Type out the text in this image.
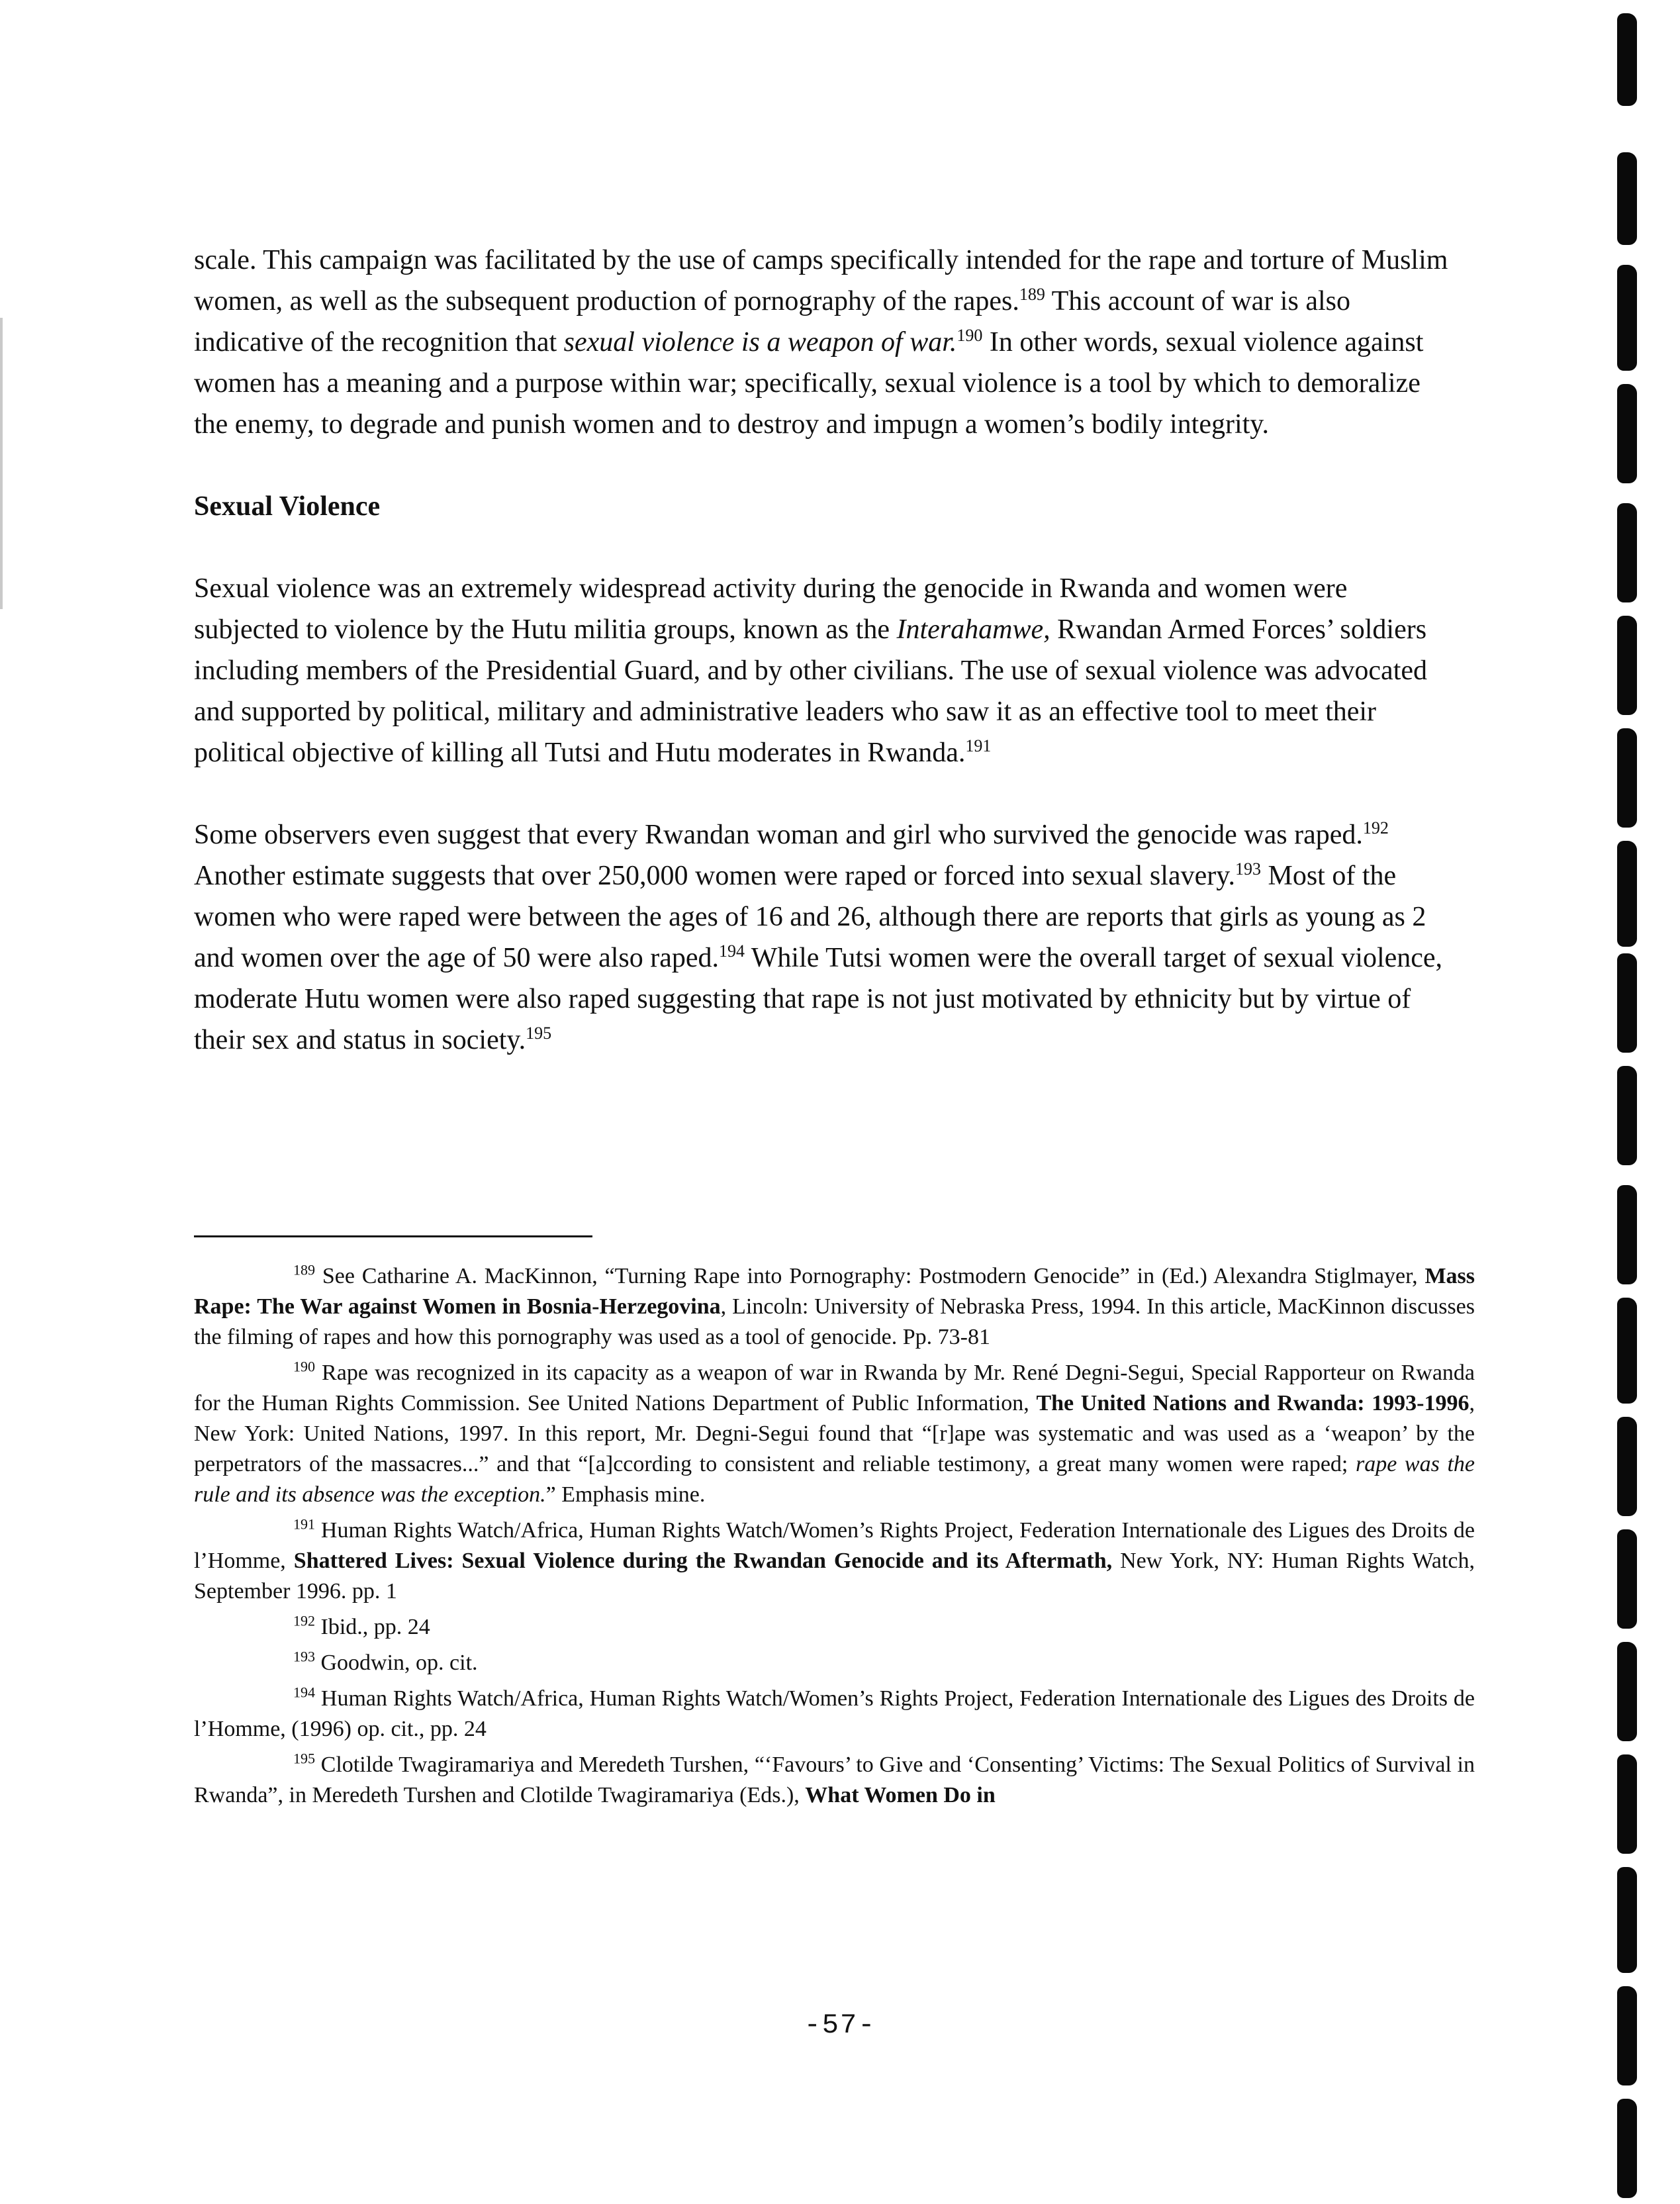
scale. This campaign was facilitated by the use of camps specifically intended for the rape and torture of Muslim women, as well as the subsequent production of pornography of the rapes.$^{189}$ This account of war is also indicative of the recognition that sexual violence is a weapon of war.$^{190}$ In other words, sexual violence against women has a meaning and a purpose within war; specifically, sexual violence is a tool by which to demoralize the enemy, to degrade and punish women and to destroy and impugn a women’s bodily integrity.

Sexual Violence

Sexual violence was an extremely widespread activity during the genocide in Rwanda and women were subjected to violence by the Hutu militia groups, known as the Interahamwe, Rwandan Armed Forces’ soldiers including members of the Presidential Guard, and by other civilians. The use of sexual violence was advocated and supported by political, military and administrative leaders who saw it as an effective tool to meet their political objective of killing all Tutsi and Hutu moderates in Rwanda.$^{191}$

Some observers even suggest that every Rwandan woman and girl who survived the genocide was raped.$^{192}$ Another estimate suggests that over 250,000 women were raped or forced into sexual slavery.$^{193}$ Most of the women who were raped were between the ages of 16 and 26, although there are reports that girls as young as 2 and women over the age of 50 were also raped.$^{194}$ While Tutsi women were the overall target of sexual violence, moderate Hutu women were also raped suggesting that rape is not just motivated by ethnicity but by virtue of their sex and status in society.$^{195}$

$^{189}$ See Catharine A. MacKinnon, “Turning Rape into Pornography: Postmodern Genocide” in (Ed.) Alexandra Stiglmayer, Mass Rape: The War against Women in Bosnia-Herzegovina, Lincoln: University of Nebraska Press, 1994. In this article, MacKinnon discusses the filming of rapes and how this pornography was used as a tool of genocide. Pp. 73-81

$^{190}$ Rape was recognized in its capacity as a weapon of war in Rwanda by Mr. René Degni-Segui, Special Rapporteur on Rwanda for the Human Rights Commission. See United Nations Department of Public Information, The United Nations and Rwanda: 1993-1996, New York: United Nations, 1997. In this report, Mr. Degni-Segui found that “[r]ape was systematic and was used as a ‘weapon’ by the perpetrators of the massacres...” and that “[a]ccording to consistent and reliable testimony, a great many women were raped; rape was the rule and its absence was the exception.” Emphasis mine.

$^{191}$ Human Rights Watch/Africa, Human Rights Watch/Women’s Rights Project, Federation Internationale des Ligues des Droits de l’Homme, Shattered Lives: Sexual Violence during the Rwandan Genocide and its Aftermath, New York, NY: Human Rights Watch, September 1996. pp. 1

$^{192}$ Ibid., pp. 24

$^{193}$ Goodwin, op. cit.

$^{194}$ Human Rights Watch/Africa, Human Rights Watch/Women’s Rights Project, Federation Internationale des Ligues des Droits de l’Homme, (1996) op. cit., pp. 24

$^{195}$ Clotilde Twagiramariya and Meredeth Turshen, “‘Favours’ to Give and ‘Consenting’ Victims: The Sexual Politics of Survival in Rwanda”, in Meredeth Turshen and Clotilde Twagiramariya (Eds.), What Women Do in

-57-
